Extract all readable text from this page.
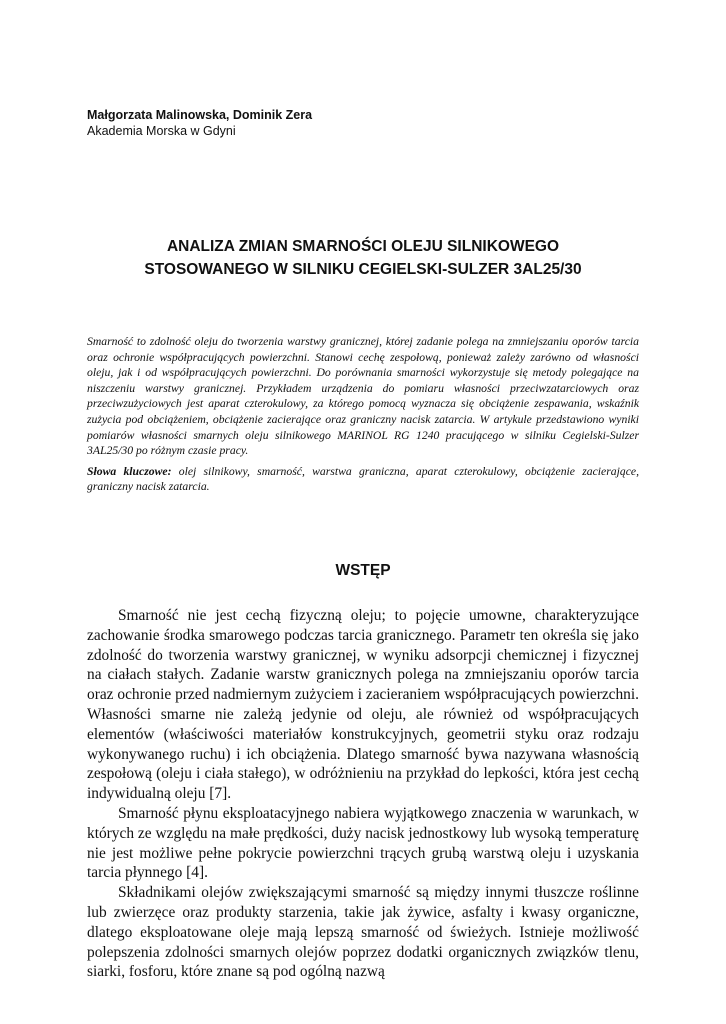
Małgorzata Malinowska, Dominik Zera
Akademia Morska w Gdyni
ANALIZA ZMIAN SMARNOŚCI OLEJU SILNIKOWEGO
STOSOWANEGO W SILNIKU CEGIELSKI-SULZER 3AL25/30

Smarność to zdolność oleju do tworzenia warstwy granicznej, której zadanie polega na zmniejszaniu oporów tarcia oraz ochronie współpracujących powierzchni. Stanowi cechę zespołową, ponieważ zależy zarówno od własności oleju, jak i od współpracujących powierzchni. Do porównania smarności wykorzystuje się metody polegające na niszczeniu warstwy granicznej. Przykładem urządzenia do pomiaru własności przeciwzatarciowych oraz przeciwzużyciowych jest aparat czterokulowy, za którego pomocą wyznacza się obciążenie zespawania, wskaźnik zużycia pod obciążeniem, obciążenie zacierające oraz graniczny nacisk zatarcia. W artykule przedstawiono wyniki pomiarów własności smarnych oleju silnikowego MARINOL RG 1240 pracującego w silniku Cegielski-Sulzer 3AL25/30 po różnym czasie pracy.

Słowa kluczowe: olej silnikowy, smarność, warstwa graniczna, aparat czterokulowy, obciążenie zacierające, graniczny nacisk zatarcia.

WSTĘP

Smarność nie jest cechą fizyczną oleju; to pojęcie umowne, charakteryzujące zachowanie środka smarowego podczas tarcia granicznego. Parametr ten określa się jako zdolność do tworzenia warstwy granicznej, w wyniku adsorpcji chemicznej i fizycznej na ciałach stałych. Zadanie warstw granicznych polega na zmniejszaniu oporów tarcia oraz ochronie przed nadmiernym zużyciem i zacieraniem współpracujących powierzchni. Własności smarne nie zależą jedynie od oleju, ale również od współpracujących elementów (właściwości materiałów konstrukcyjnych, geometrii styku oraz rodzaju wykonywanego ruchu) i ich obciążenia. Dlatego smarność bywa nazywana własnością zespołową (oleju i ciała stałego), w odróżnieniu na przykład do lepkości, która jest cechą indywidualną oleju [7].

Smarność płynu eksploatacyjnego nabiera wyjątkowego znaczenia w warunkach, w których ze względu na małe prędkości, duży nacisk jednostkowy lub wysoką temperaturę nie jest możliwe pełne pokrycie powierzchni trących grubą warstwą oleju i uzyskania tarcia płynnego [4].

Składnikami olejów zwiększającymi smarność są między innymi tłuszcze roślinne lub zwierzęce oraz produkty starzenia, takie jak żywice, asfalty i kwasy organiczne, dlatego eksploatowane oleje mają lepszą smarność od świeżych. Istnieje możliwość polepszenia zdolności smarnych olejów poprzez dodatki organicznych związków tlenu, siarki, fosforu, które znane są pod ogólną nazwą
